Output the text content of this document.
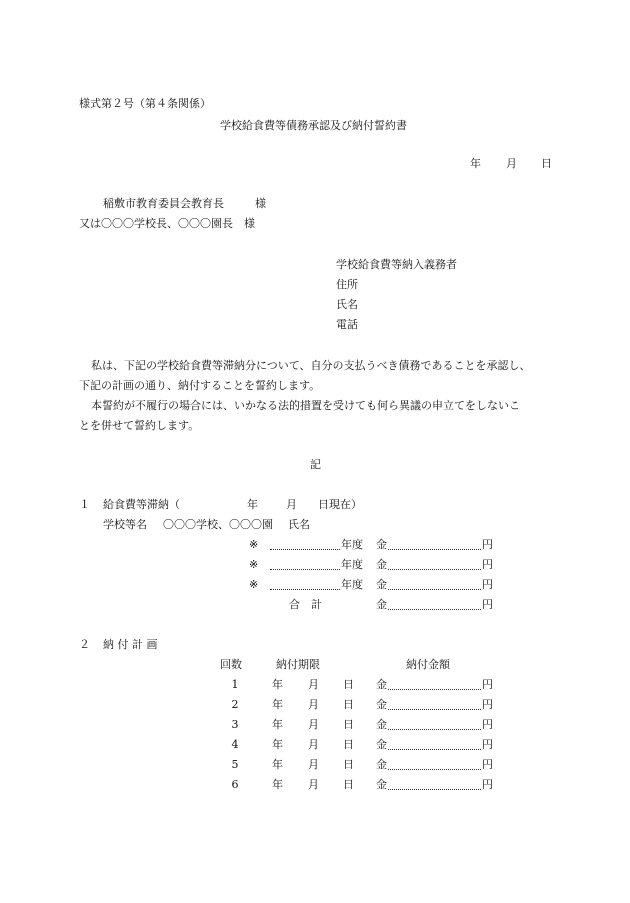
様式第２号（第４条関係）
学校給食費等債務承認及び納付誓約書
年 月 日
稲敷市教育委員会教育長	様
又は〇〇〇学校長、〇〇〇園長　様
学校給食費等納入義務者
住所
氏名
電話
私は、下記の学校給食費等滞納分について、自分の支払うべき債務であることを承認し、
下記の計画の通り、納付することを誓約します。
本誓約が不履行の場合には、いかなる法的措置を受けても何ら異議の申立てをしないこ
とを併せて誓約します。
記
１ 給食費等滞納（	年	月 日現在）
学校等名 〇〇〇学校、〇〇〇園 氏名
※	年度 金	円
※	年度 金	円
※	年度 金	円
合　計	金	円
２ 納 付 計 画
回数	納付期限	納付金額
1	年 月 日 金	円
2	年 月 日 金	円
3	年 月 日 金	円
4	年 月 日 金	円
5	年 月 日 金	円
6	年 月 日 金	円
